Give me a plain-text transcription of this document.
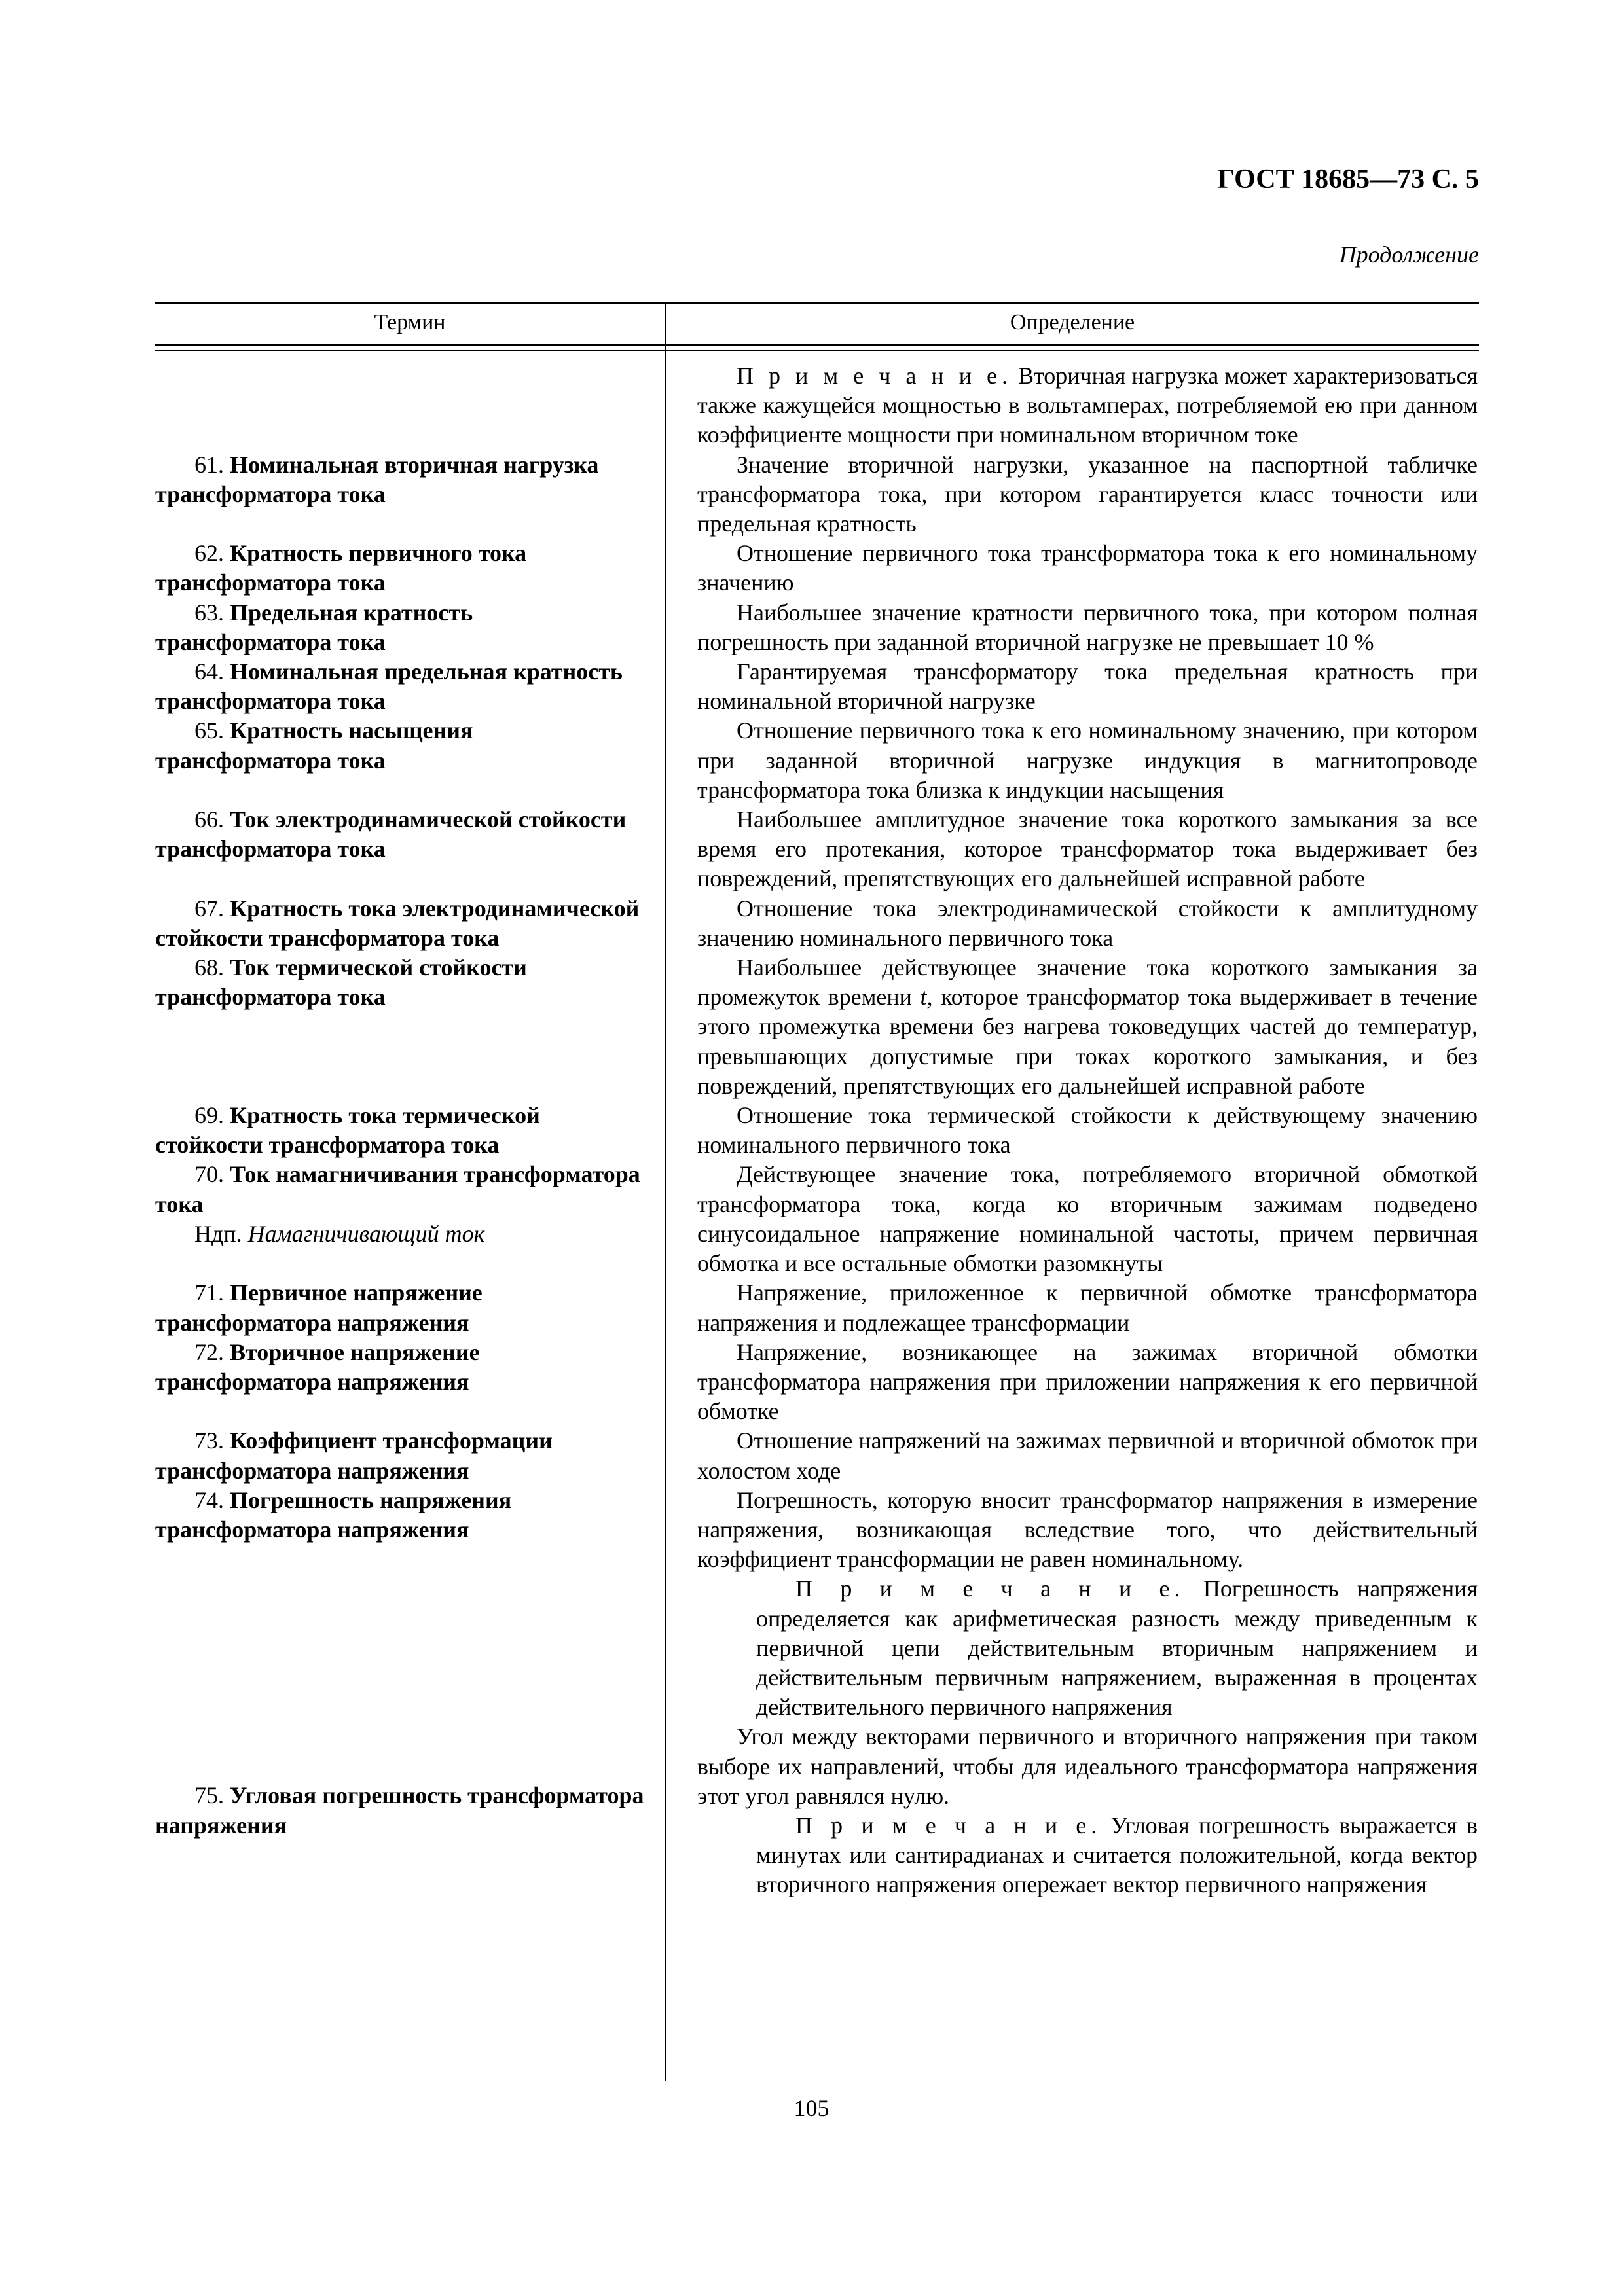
ГОСТ 18685—73 С. 5
Продолжение
Термин	Определение
П р и м е ч а н и е. Вторичная нагрузка может характеризоваться также кажущейся мощностью в вольтамперах, потребляемой ею при данном коэффициенте мощности при номинальном вторичном токе
61. Номинальная вторичная нагрузка трансформатора тока
Значение вторичной нагрузки, указанное на паспортной табличке трансформатора тока, при котором гарантируется класс точности или предельная кратность
62. Кратность первичного тока трансформатора тока
Отношение первичного тока трансформатора тока к его номинальному значению
63. Предельная кратность трансформатора тока
Наибольшее значение кратности первичного тока, при котором полная погрешность при заданной вторичной нагрузке не превышает 10 %
64. Номинальная предельная кратность трансформатора тока
Гарантируемая трансформатору тока предельная кратность при номинальной вторичной нагрузке
65. Кратность насыщения трансформатора тока
Отношение первичного тока к его номинальному значению, при котором при заданной вторичной нагрузке индукция в магнитопроводе трансформатора тока близка к индукции насыщения
66. Ток электродинамической стойкости трансформатора тока
Наибольшее амплитудное значение тока короткого замыкания за все время его протекания, которое трансформатор тока выдерживает без повреждений, препятствующих его дальнейшей исправной работе
67. Кратность тока электродинамической стойкости трансформатора тока
Отношение тока электродинамической стойкости к амплитудному значению номинального первичного тока
68. Ток термической стойкости трансформатора тока
Наибольшее действующее значение тока короткого замыкания за промежуток времени t, которое трансформатор тока выдерживает в течение этого промежутка времени без нагрева токоведущих частей до температур, превышающих допустимые при токах короткого замыкания, и без повреждений, препятствующих его дальнейшей исправной работе
69. Кратность тока термической стойкости трансформатора тока
Отношение тока термической стойкости к действующему значению номинального первичного тока
70. Ток намагничивания трансформатора тока
Ндп. Намагничивающий ток
Действующее значение тока, потребляемого вторичной обмоткой трансформатора тока, когда ко вторичным зажимам подведено синусоидальное напряжение номинальной частоты, причем первичная обмотка и все остальные обмотки разомкнуты
71. Первичное напряжение трансформатора напряжения
Напряжение, приложенное к первичной обмотке трансформатора напряжения и подлежащее трансформации
72. Вторичное напряжение трансформатора напряжения
Напряжение, возникающее на зажимах вторичной обмотки трансформатора напряжения при приложении напряжения к его первичной обмотке
73. Коэффициент трансформации трансформатора напряжения
Отношение напряжений на зажимах первичной и вторичной обмоток при холостом ходе
74. Погрешность напряжения трансформатора напряжения
Погрешность, которую вносит трансформатор напряжения в измерение напряжения, возникающая вследствие того, что действительный коэффициент трансформации не равен номинальному.
П р и м е ч а н и е. Погрешность напряжения определяется как арифметическая разность между приведенным к первичной цепи действительным вторичным напряжением и действительным первичным напряжением, выраженная в процентах действительного первичного напряжения
75. Угловая погрешность трансформатора напряжения
Угол между векторами первичного и вторичного напряжения при таком выборе их направлений, чтобы для идеального трансформатора напряжения этот угол равнялся нулю.
П р и м е ч а н и е. Угловая погрешность выражается в минутах или сантирадианах и считается положительной, когда вектор вторичного напряжения опережает вектор первичного напряжения
105
